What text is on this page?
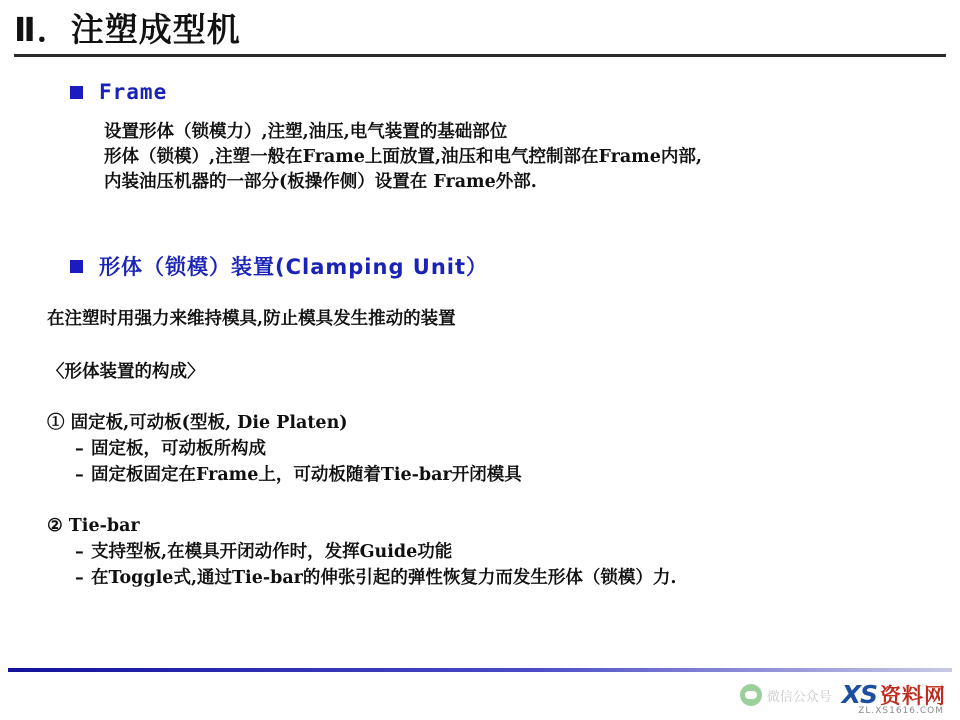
Ⅱ．注塑成型机
Frame
设置形体（锁模力）,注塑,油压,电气装置的基础部位
形体（锁模）,注塑一般在Frame上面放置,油压和电气控制部在Frame内部,
内装油压机器的一部分(板操作侧）设置在 Frame外部.
形体（锁模）装置(Clamping Unit）
在注塑时用强力来维持模具,防止模具发生推动的装置
〈形体装置的构成〉
① 固定板,可动板(型板, Die Platen)
– 固定板，可动板所构成
– 固定板固定在Frame上，可动板随着Tie-bar开闭模具
② Tie-bar
– 支持型板,在模具开闭动作时，发挥Guide功能
– 在Toggle式,通过Tie-bar的伸张引起的弹性恢复力而发生形体（锁模）力.
微信公众号 XS 资料网
ZL.XS1616.COM
